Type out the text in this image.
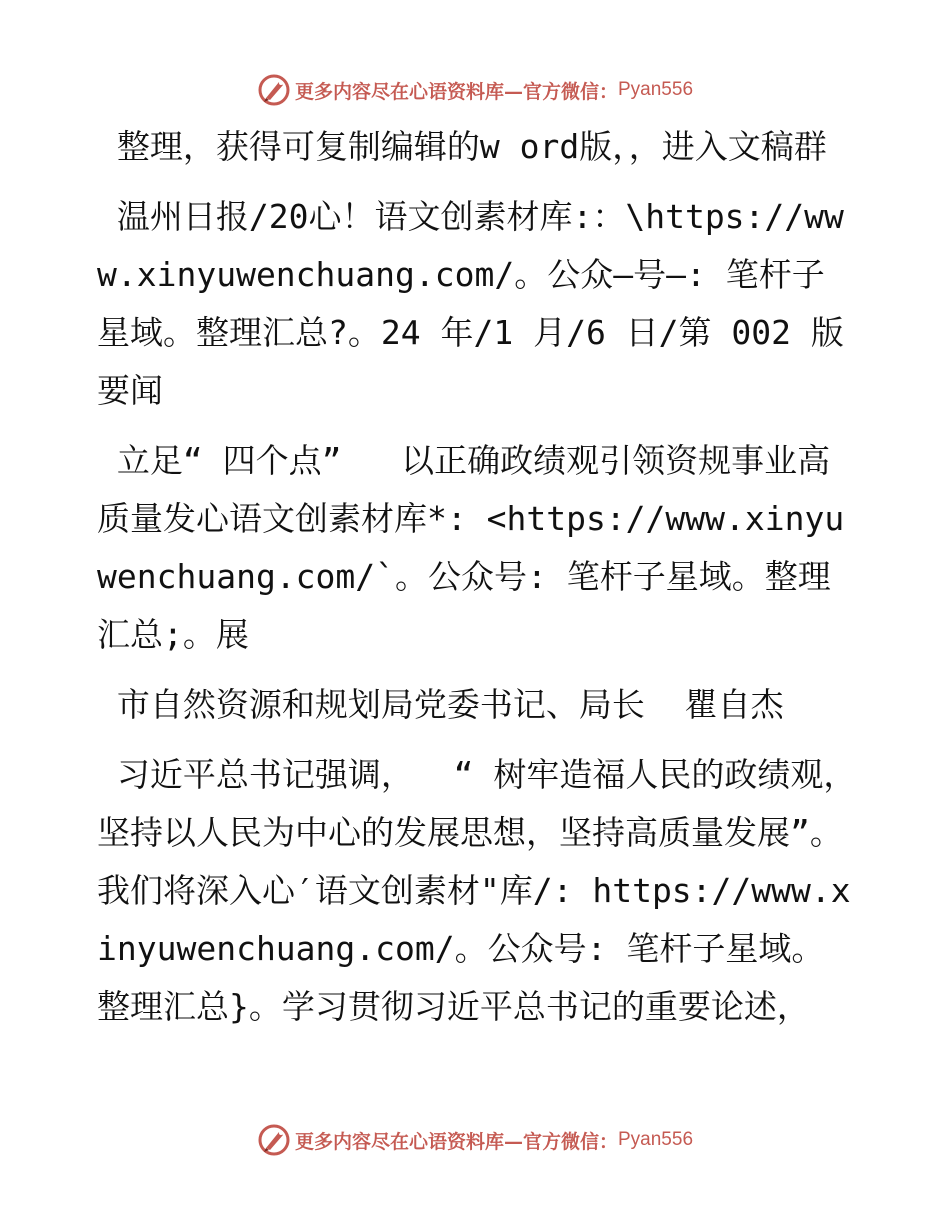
更多内容尽在心语资料库—官方微信： Pyan556

整理，获得可复制编辑的w ord版，，进入文稿群

温州日报/20心！语文创素材库:：\https://www.xinyuwenchuang.com/。公众—号—: 笔杆子星域。整理汇总?。24 年/1 月/6 日/第 002 版要闻

立足“ 四个点”   以正确政绩观引领资规事业高质量发心语文创素材库*: <https://www.xinyuwenchuang.com/`。公众号: 笔杆子星域。整理汇总;。展

市自然资源和规划局党委书记、局长  瞿自杰

习近平总书记强调，  “ 树牢造福人民的政绩观，坚持以人民为中心的发展思想，坚持高质量发展”。我们将深入心′语文创素材"库/: https://www.xinyuwenchuang.com/。公众号: 笔杆子星域。整理汇总}。学习贯彻习近平总书记的重要论述，

更多内容尽在心语资料库—官方微信： Pyan556
